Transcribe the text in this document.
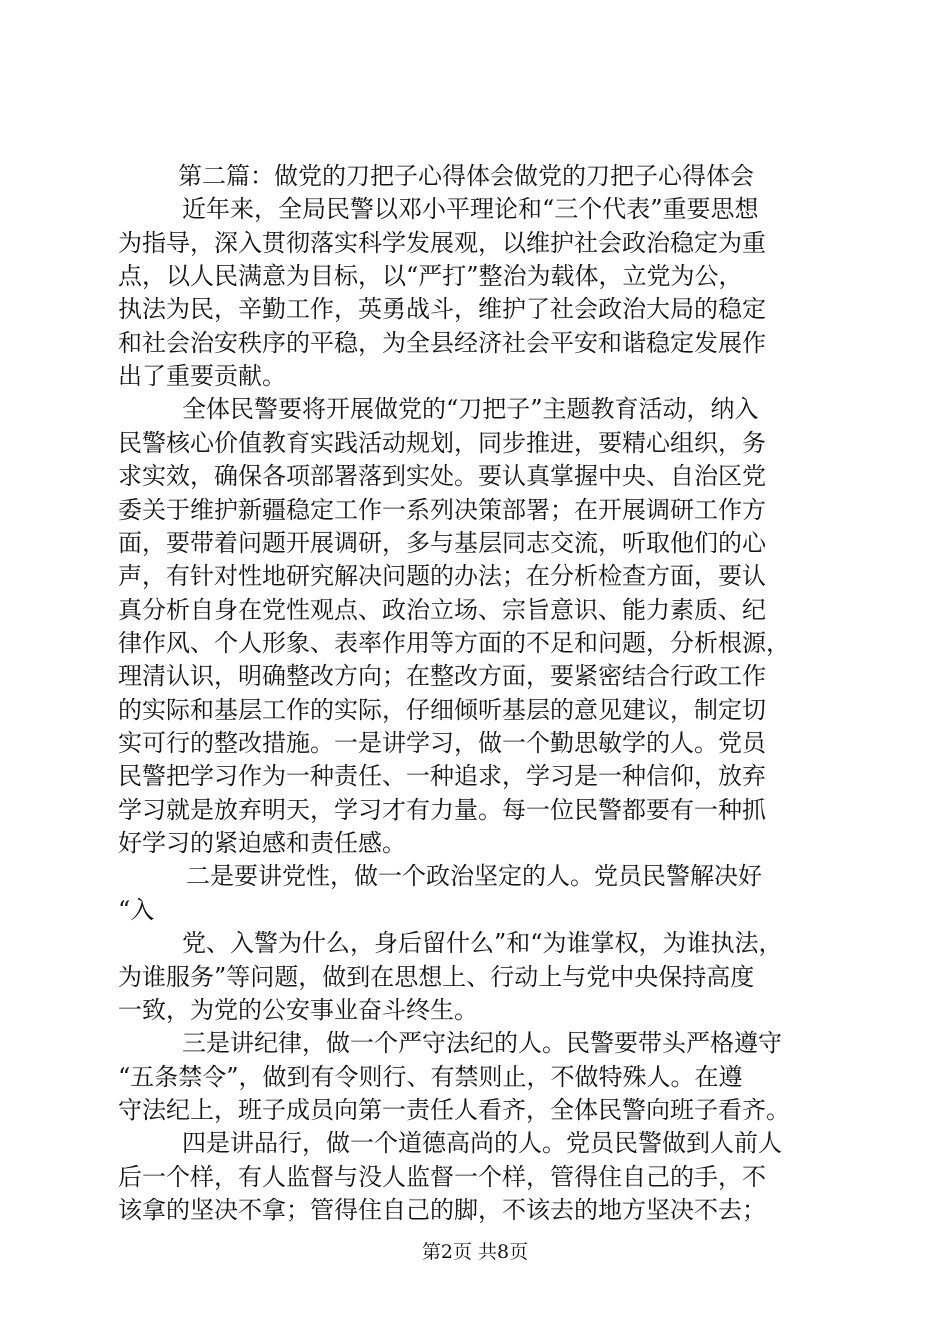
第二篇：做党的刀把子心得体会做党的刀把子心得体会
近年来，全局民警以邓小平理论和“三个代表”重要思想
为指导，深入贯彻落实科学发展观，以维护社会政治稳定为重
点，以人民满意为目标，以“严打”整治为载体，立党为公，
执法为民，辛勤工作，英勇战斗，维护了社会政治大局的稳定
和社会治安秩序的平稳，为全县经济社会平安和谐稳定发展作
出了重要贡献。
全体民警要将开展做党的“刀把子”主题教育活动，纳入
民警核心价值教育实践活动规划，同步推进，要精心组织，务
求实效，确保各项部署落到实处。要认真掌握中央、自治区党
委关于维护新疆稳定工作一系列决策部署；在开展调研工作方
面，要带着问题开展调研，多与基层同志交流，听取他们的心
声，有针对性地研究解决问题的办法；在分析检查方面，要认
真分析自身在党性观点、政治立场、宗旨意识、能力素质、纪
律作风、个人形象、表率作用等方面的不足和问题，分析根源，
理清认识，明确整改方向；在整改方面，要紧密结合行政工作
的实际和基层工作的实际，仔细倾听基层的意见建议，制定切
实可行的整改措施。一是讲学习，做一个勤思敏学的人。党员
民警把学习作为一种责任、一种追求，学习是一种信仰，放弃
学习就是放弃明天，学习才有力量。每一位民警都要有一种抓
好学习的紧迫感和责任感。
二是要讲党性，做一个政治坚定的人。党员民警解决好
“入
党、入警为什么，身后留什么”和“为谁掌权，为谁执法，
为谁服务”等问题，做到在思想上、行动上与党中央保持高度
一致，为党的公安事业奋斗终生。
三是讲纪律，做一个严守法纪的人。民警要带头严格遵守
“五条禁令”，做到有令则行、有禁则止，不做特殊人。在遵
守法纪上，班子成员向第一责任人看齐，全体民警向班子看齐。
四是讲品行，做一个道德高尚的人。党员民警做到人前人
后一个样，有人监督与没人监督一个样，管得住自己的手，不
该拿的坚决不拿；管得住自己的脚，不该去的地方坚决不去；
第2页 共8页
